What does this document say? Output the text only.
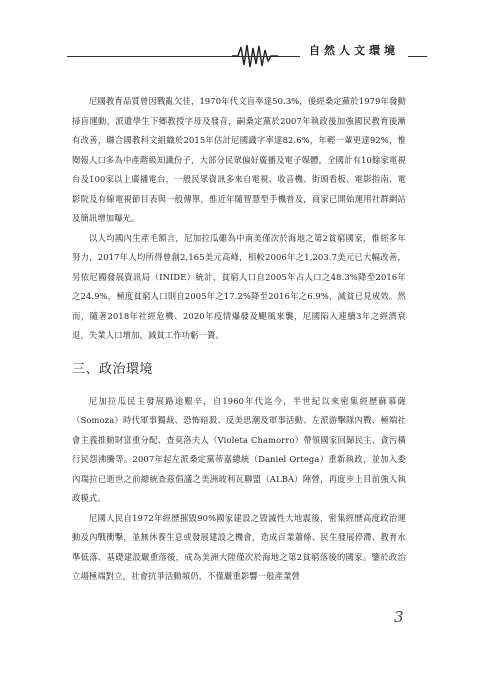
自然人文環境

尼國教育品質曾因戰亂欠佳，1970年代文盲率達50.3%，後經桑定黨於1979年發動掃盲運動，派遣學生下鄉教授字母及發音，嗣桑定黨於2007年執政後加強國民教育後漸有改善，聯合國教科文組織於2015年估計尼國識字率達82.6%，年輕一輩更達92%，惟閱報人口多為中產階級知識份子，大部分民眾偏好廣播及電子媒體，全國計有10餘家電視台及100家以上廣播電台，一般民眾資訊多來自電視、收音機、街頭看板、電影指南、電影院及有線電視節目表與一般傳單，惟近年隨智慧型手機普及，商家已開始運用社群網站及簡訊增加曝光。

以人均國內生產毛額言，尼加拉瓜雖為中南美僅次於海地之第2貧窮國家，惟經多年努力，2017年人均所得曾創2,165美元高峰，相較2006年之1,203.7美元已大幅改善，另依尼國發展資訊局（INIDE）統計，貧窮人口自2005年占人口之48.3%降至2016年之24.9%，極度貧窮人口則自2005年之17.2%降至2016年之6.9%，減貧已見成效。然而，隨著2018年社經危機、2020年疫情爆發及颶風來襲，尼國陷入連續3年之經濟衰退，失業人口增加，減貧工作功虧一簣。

三、政治環境

尼加拉瓜民主發展路途艱辛，自1960年代迄今，半世紀以來密集經歷蘇慕薩（Somoza）時代軍事獨裁、恐怖暗殺、反美思潮及軍事活動、左派游擊隊內戰、極端社會主義推動財富重分配、查莫洛夫人（Violeta Chamorro）帶領國家回歸民主、貪污橫行民怨沸騰等。2007年起左派桑定黨蒂嘉總統（Daniel Ortega）重新執政，並加入委內瑞拉已逝世之前總統查茲倡議之美洲玻利瓦聯盟（ALBA）陣營，再度步上目前強人執政模式。

尼國人民自1972年經歷摧毀90%國家建設之毀滅性大地震後，密集經歷高度政治運動及內戰衝擊，並無休養生息或發展建設之機會，造成百業蕭條、民生發展停滯、教育水準低落、基礎建設嚴重落後，成為美洲大陸僅次於海地之第2貧窮落後的國家。鑒於政治立場極端對立，社會抗爭活動頻仍，不僅嚴重影響一般產業營

3
